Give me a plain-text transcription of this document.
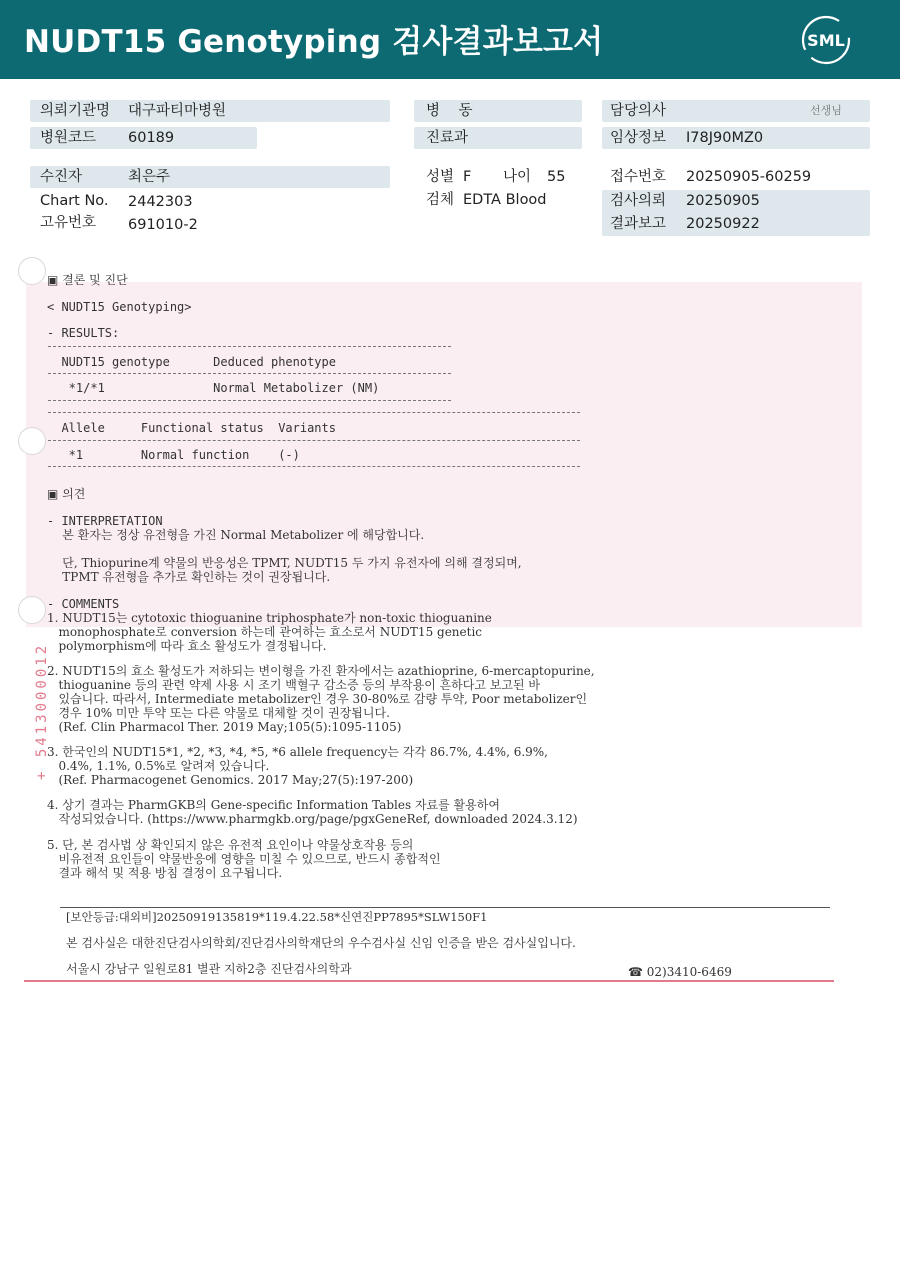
NUDT15 Genotyping 검사결과보고서	SML
의뢰기관명 대구파티마병원
병원코드 60189
병    동
진료과
담당의사	선생님
임상정보 I78J90MZ0
수진자	최은주
Chart No. 2442303
고유번호 691010-2
성별 F 나이 55
검체 EDTA Blood
접수번호 20250905-60259
검사의뢰 20250905
결과보고 20250922
▣ 결론 및 진단
< NUDT15 Genotyping>
- RESULTS:
NUDT15 genotype      Deduced phenotype
*1/*1               Normal Metabolizer (NM)
Allele     Functional status  Variants
*1        Normal function    (-)
▣ 의견
- INTERPRETATION
본 환자는 정상 유전형을 가진 Normal Metabolizer 에 해당합니다.
단, Thiopurine계 약물의 반응성은 TPMT, NUDT15 두 가지 유전자에 의해 결정되며,
TPMT 유전형을 추가로 확인하는 것이 권장됩니다.
- COMMENTS
1. NUDT15는 cytotoxic thioguanine triphosphate가 non-toxic thioguanine
monophosphate로 conversion 하는데 관여하는 효소로서 NUDT15 genetic
polymorphism에 따라 효소 활성도가 결정됩니다.
2. NUDT15의 효소 활성도가 저하되는 변이형을 가진 환자에서는 azathioprine, 6-mercaptopurine,
thioguanine 등의 관련 약제 사용 시 조기 백혈구 감소증 등의 부작용이 흔하다고 보고된 바
있습니다. 따라서, Intermediate metabolizer인 경우 30-80%로 감량 투약, Poor metabolizer인
경우 10% 미만 투약 또는 다른 약물로 대체할 것이 권장됩니다.
(Ref. Clin Pharmacol Ther. 2019 May;105(5):1095-1105)
3. 한국인의 NUDT15*1, *2, *3, *4, *5, *6 allele frequency는 각각 86.7%, 4.4%, 6.9%,
0.4%, 1.1%, 0.5%로 알려져 있습니다.
(Ref. Pharmacogenet Genomics. 2017 May;27(5):197-200)
4. 상기 결과는 PharmGKB의 Gene-specific Information Tables 자료를 활용하여
작성되었습니다. (https://www.pharmgkb.org/page/pgxGeneRef, downloaded 2024.3.12)
5. 단, 본 검사법 상 확인되지 않은 유전적 요인이나 약물상호작용 등의
비유전적 요인들이 약물반응에 영향을 미칠 수 있으므로, 반드시 종합적인
결과 해석 및 적용 방침 결정이 요구됩니다.
+ 5413000012
[보안등급:대외비]20250919135819*119.4.22.58*신연진PP7895*SLW150F1
본 검사실은 대한진단검사의학회/진단검사의학재단의 우수검사실 신임 인증을 받은 검사실입니다.
서울시 강남구 일원로81 별관 지하2층 진단검사의학과	☎ 02)3410-6469
